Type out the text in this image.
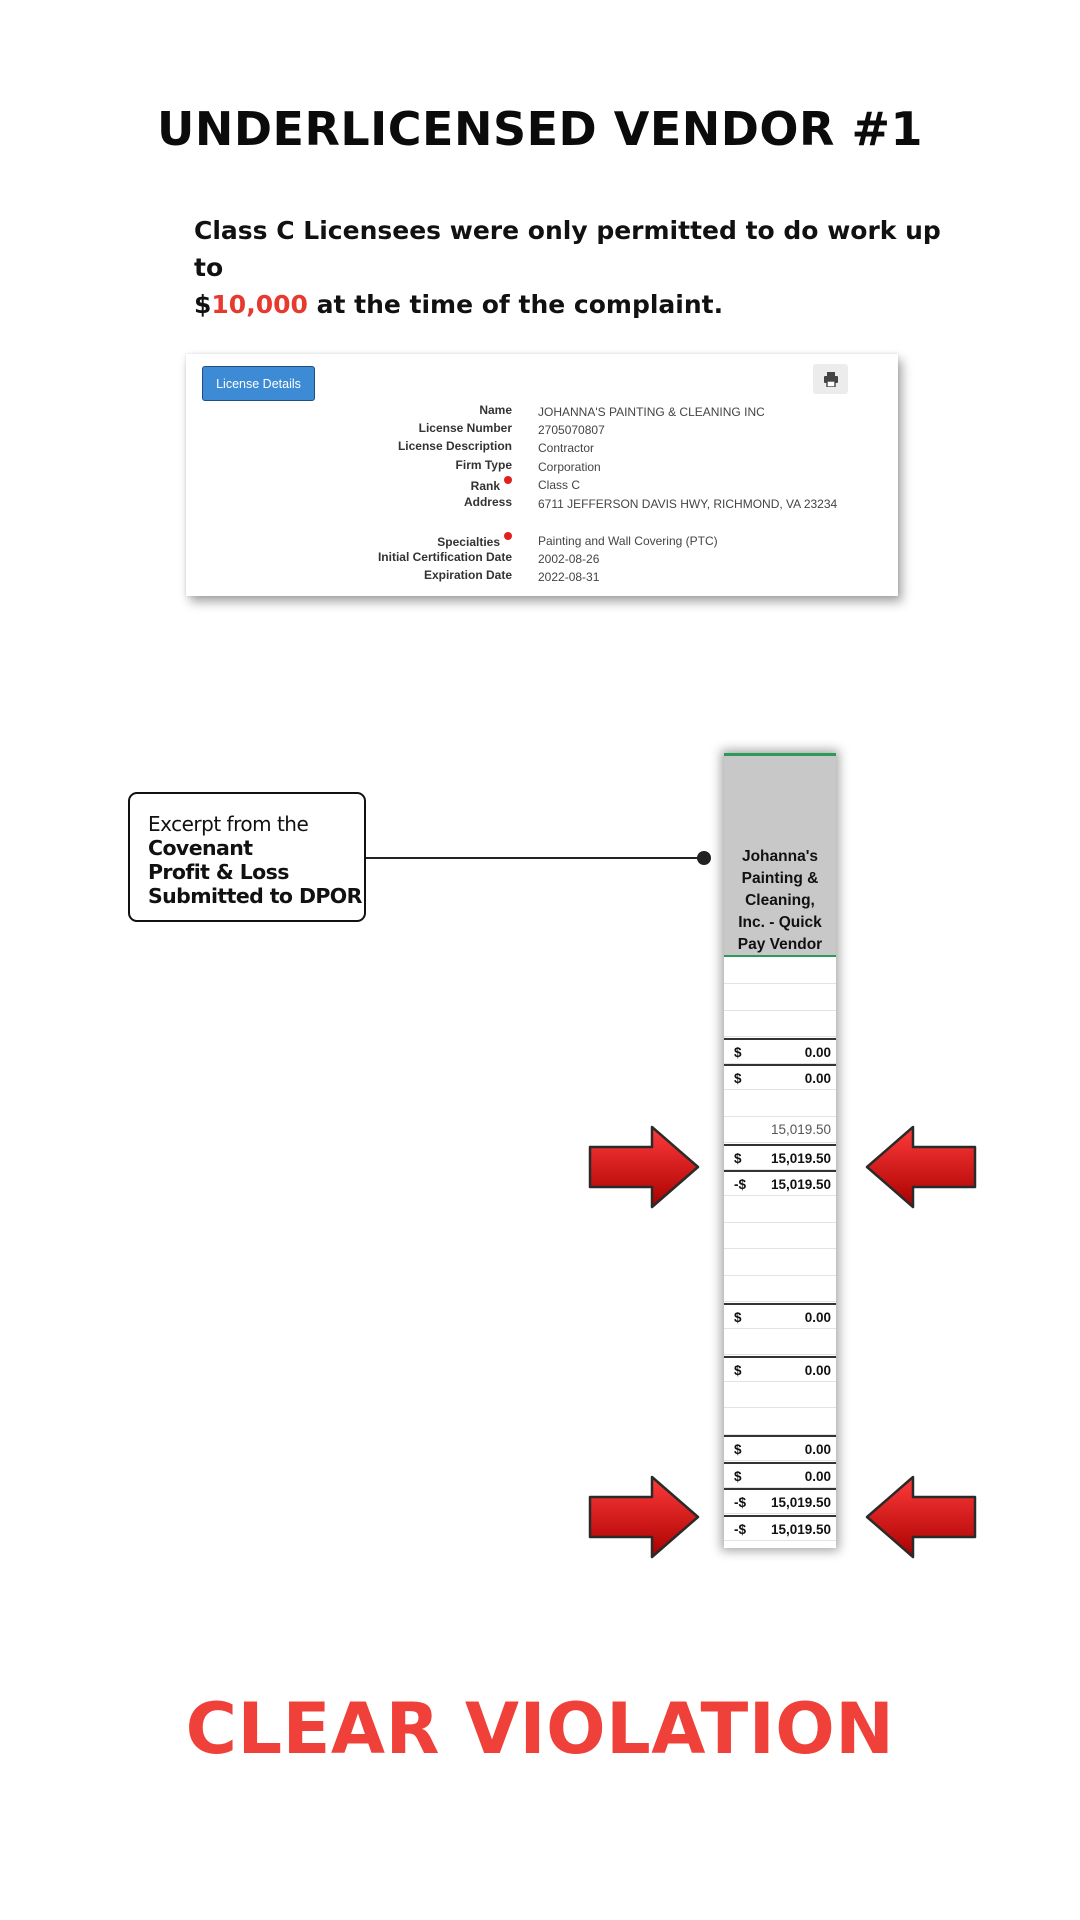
UNDERLICENSED VENDOR #1
Class C Licensees were only permitted to do work up to
$10,000 at the time of the complaint.
License Details
Name JOHANNA'S PAINTING & CLEANING INC
License Number 2705070807
License Description Contractor
Firm Type Corporation
Rank	Class C
Address 6711 JEFFERSON DAVIS HWY, RICHMOND, VA 23234
Specialties	Painting and Wall Covering (PTC)
Initial Certification Date 2002-08-26
Expiration Date 2022-08-31
Excerpt from the
Covenant
Profit & Loss
Submitted to DPOR
Johanna's
Painting &
Cleaning,
Inc. - Quick
Pay Vendor
$	0.00
$	0.00
15,019.50
$ 15,019.50
-$ 15,019.50
$	0.00
$	0.00
$	0.00
$	0.00
-$ 15,019.50
-$ 15,019.50
CLEAR VIOLATION
